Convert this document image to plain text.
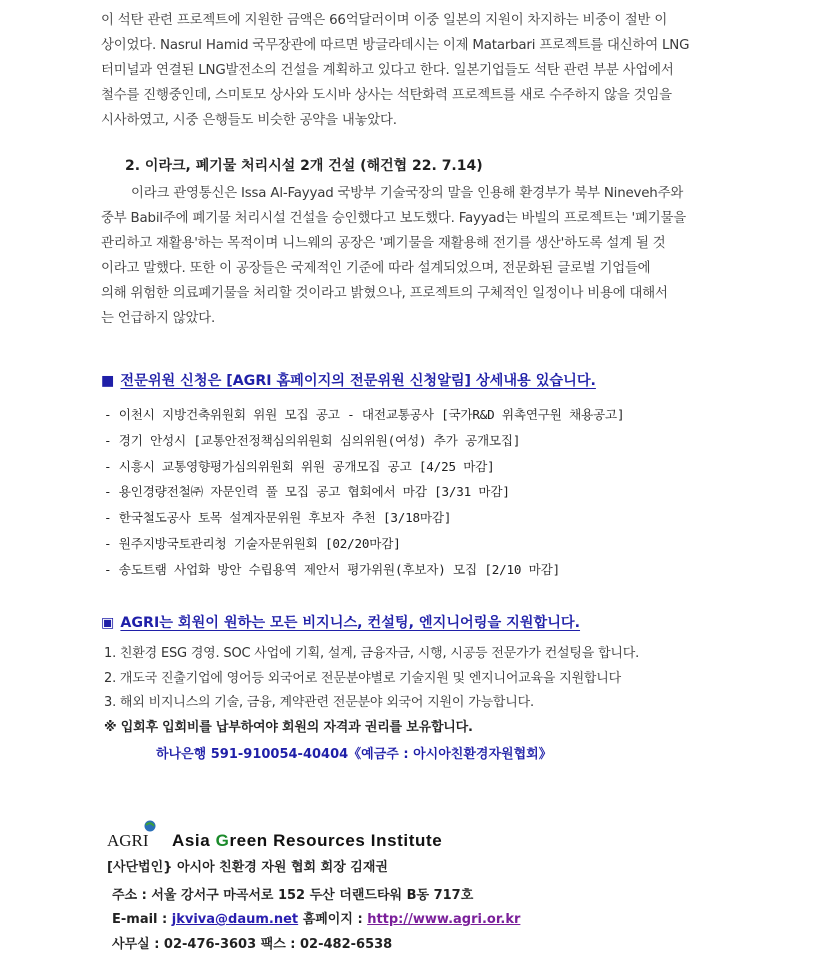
이 석탄 관련 프로젝트에 지원한 금액은 66억달러이며 이중 일본의 지원이 차지하는 비중이 절반 이
상이었다. Nasrul Hamid 국무장관에 따르면 방글라데시는 이제 Matarbari 프로젝트를 대신하여 LNG
터미널과 연결된 LNG발전소의 건설을 계획하고 있다고 한다. 일본기업들도 석탄 관련 부분 사업에서
철수를 진행중인데, 스미토모 상사와 도시바 상사는 석탄화력 프로젝트를 새로 수주하지 않을 것임을
시사하였고, 시중 은행들도 비슷한 공약을 내놓았다.
2. 이라크, 폐기물 처리시설 2개 건설 (해건협 22. 7.14)
이라크 관영통신은 Issa Al-Fayyad 국방부 기술국장의 말을 인용해 환경부가 북부 Nineveh주와
중부 Babil주에 폐기물 처리시설 건설을 승인했다고 보도했다. Fayyad는 바빌의 프로젝트는 '폐기물을
관리하고 재활용'하는 목적이며 니느웨의 공장은 '폐기물을 재활용해 전기를 생산'하도록 설계 될 것
이라고 말했다. 또한 이 공장들은 국제적인 기준에 따라 설계되었으며, 전문화된 글로벌 기업들에
의해 위험한 의료폐기물을 처리할 것이라고 밝혔으나, 프로젝트의 구체적인 일정이나 비용에 대해서
는 언급하지 않았다.
■ 전문위원 신청은 [AGRI 홈페이지의 전문위원 신청알림] 상세내용 있습니다.
- 이천시 지방건축위원회 위원 모집 공고 - 대전교통공사 [국가R&D 위촉연구원 채용공고]
- 경기 안성시 [교통안전정책심의위원회 심의위원(여성) 추가 공개모집]
- 시흥시 교통영향평가심의위원회 위원 공개모집 공고 [4/25 마감]
- 용인경량전철㈜ 자문인력 풀 모집 공고 협회에서 마감 [3/31 마감]
- 한국철도공사 토목 설계자문위원 후보자 추천 [3/18마감]
- 원주지방국토관리청 기술자문위원회 [02/20마감]
- 송도트램 사업화 방안 수립용역 제안서 평가위원(후보자) 모집 [2/10 마감]
▣ AGRI는 회원이 원하는 모든 비지니스, 컨설팅, 엔지니어링을 지원합니다.
1. 친환경 ESG 경영. SOC 사업에 기획, 설계, 금융자금, 시행, 시공등 전문가가 컨설팅을 합니다.
2. 개도국 진출기업에 영어등 외국어로 전문분야별로 기술지원 및 엔지니어교육을 지원합니다
3. 해외 비지니스의 기술, 금융, 계약관련 전문분야 외국어 지원이 가능합니다.
※ 입회후 입회비를 납부하여야 회원의 자격과 권리를 보유합니다.
하나은행 591-910054-40404《예금주 : 아시아친환경자원협회》
AGRI Asia Green Resources Institute
[사단법인} 아시아 친환경 자원 협회 회장 김재권
주소 : 서울 강서구 마곡서로 152 두산 더랜드타워 B동 717호
E-mail : jkviva@daum.net 홈페이지 : http://www.agri.or.kr
사무실 : 02-476-3603 팩스 : 02-482-6538
